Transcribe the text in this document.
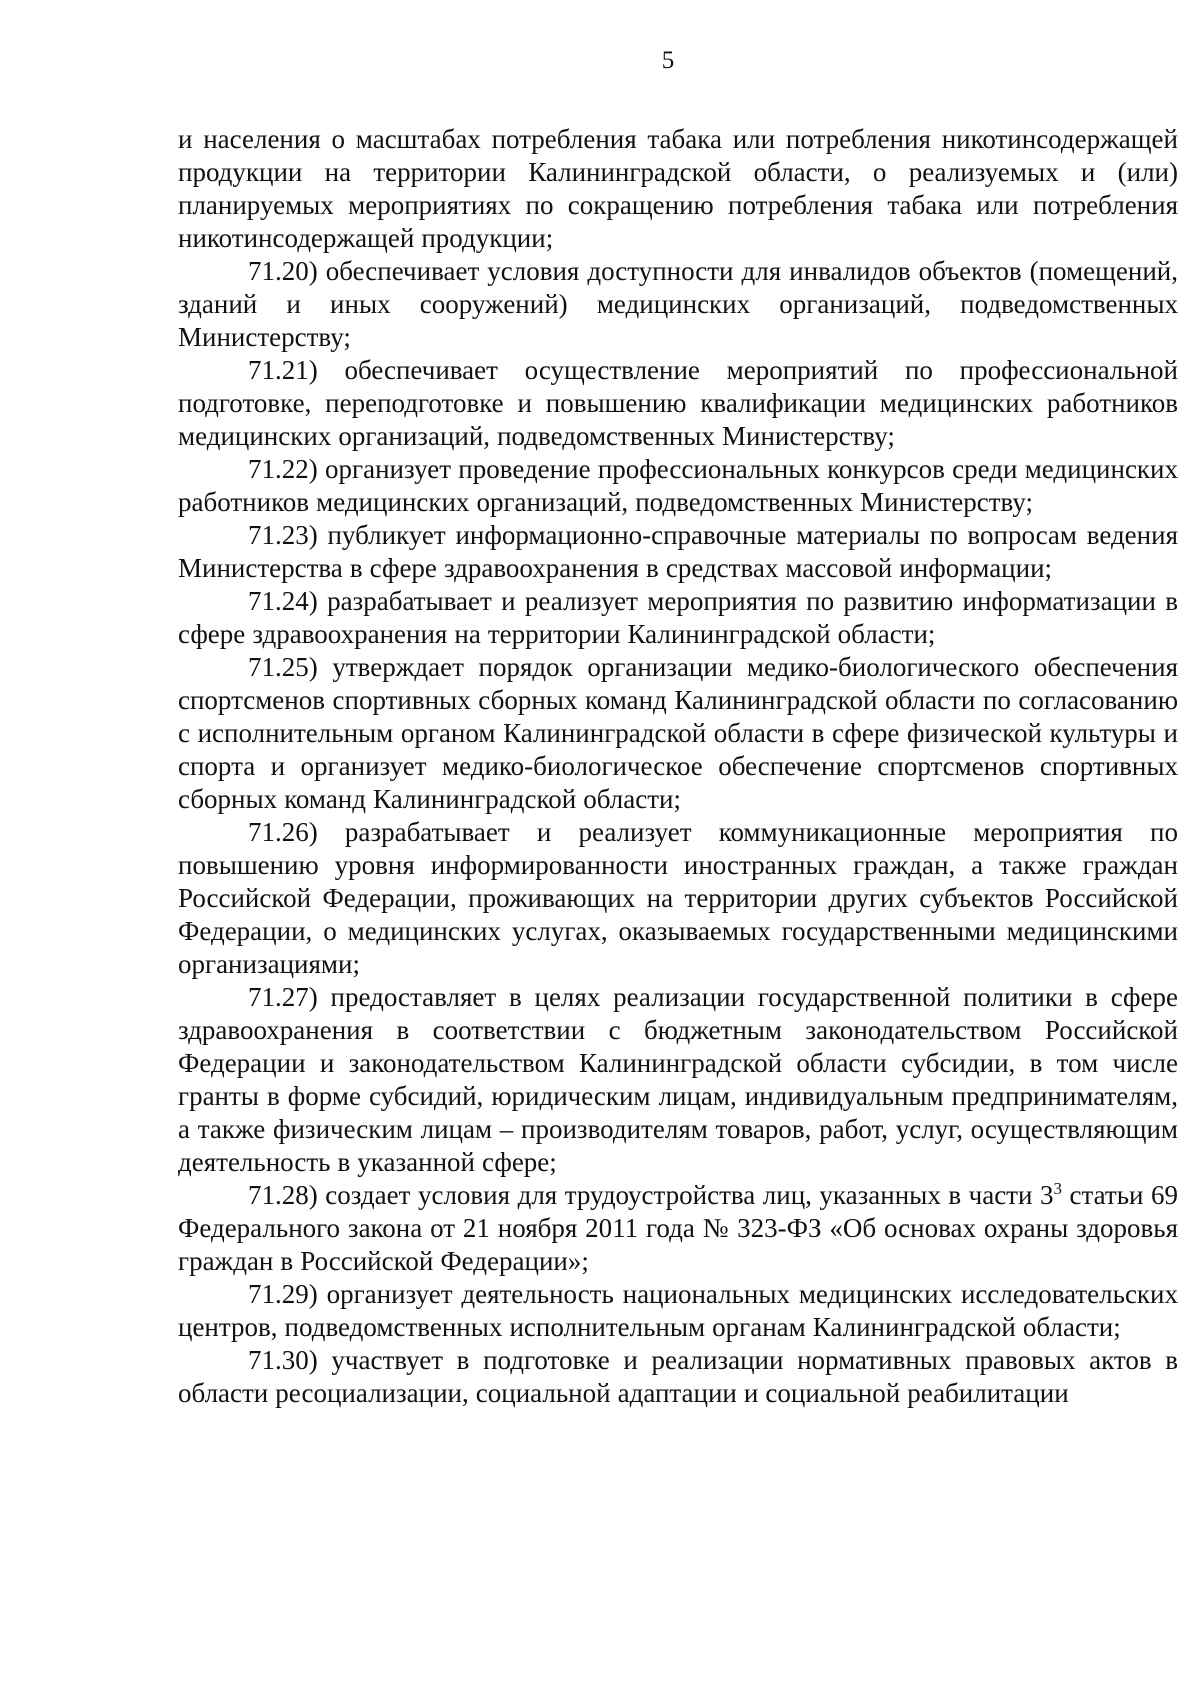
5

и населения о масштабах потребления табака или потребления никотинсодержащей продукции на территории Калининградской области, о реализуемых и (или) планируемых мероприятиях по сокращению потребления табака или потребления никотинсодержащей продукции;

71.20) обеспечивает условия доступности для инвалидов объектов (помещений, зданий и иных сооружений) медицинских организаций, подведомственных Министерству;

71.21) обеспечивает осуществление мероприятий по профессиональной подготовке, переподготовке и повышению квалификации медицинских работников медицинских организаций, подведомственных Министерству;

71.22) организует проведение профессиональных конкурсов среди медицинских работников медицинских организаций, подведомственных Министерству;

71.23) публикует информационно-справочные материалы по вопросам ведения Министерства в сфере здравоохранения в средствах массовой информации;

71.24) разрабатывает и реализует мероприятия по развитию информатизации в сфере здравоохранения на территории Калининградской области;

71.25) утверждает порядок организации медико-биологического обеспечения спортсменов спортивных сборных команд Калининградской области по согласованию с исполнительным органом Калининградской области в сфере физической культуры и спорта и организует медико-биологическое обеспечение спортсменов спортивных сборных команд Калининградской области;

71.26) разрабатывает и реализует коммуникационные мероприятия по повышению уровня информированности иностранных граждан, а также граждан Российской Федерации, проживающих на территории других субъектов Российской Федерации, о медицинских услугах, оказываемых государственными медицинскими организациями;

71.27) предоставляет в целях реализации государственной политики в сфере здравоохранения в соответствии с бюджетным законодательством Российской Федерации и законодательством Калининградской области субсидии, в том числе гранты в форме субсидий, юридическим лицам, индивидуальным предпринимателям, а также физическим лицам – производителям товаров, работ, услуг, осуществляющим деятельность в указанной сфере;

71.28) создает условия для трудоустройства лиц, указанных в части $3^3$ статьи 69 Федерального закона от 21 ноября 2011 года № 323-ФЗ «Об основах охраны здоровья граждан в Российской Федерации»;

71.29) организует деятельность национальных медицинских исследовательских центров, подведомственных исполнительным органам Калининградской области;

71.30) участвует в подготовке и реализации нормативных правовых актов в области ресоциализации, социальной адаптации и социальной реабилитации
